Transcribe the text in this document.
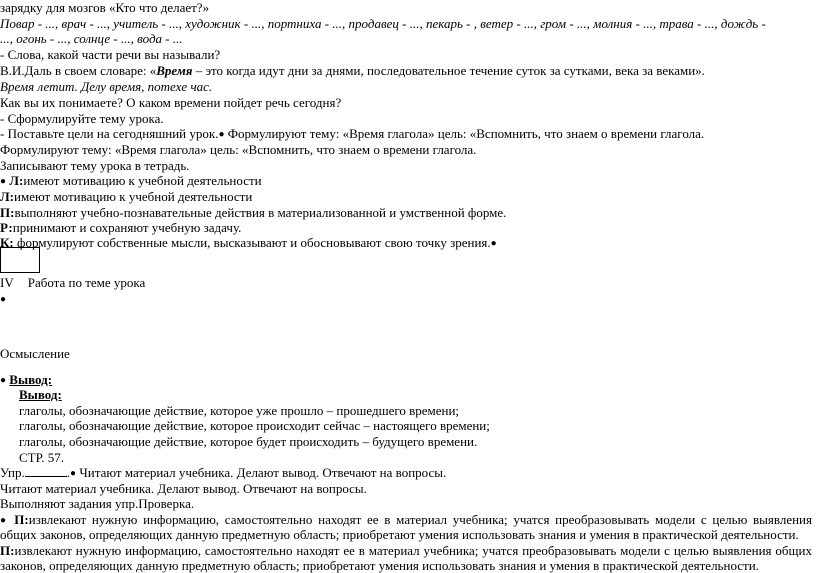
зарядку для мозгов «Кто что делает?»
Повар - ..., врач - ..., учитель - ..., художник - ..., портниха - ..., продавец - ..., пекарь - , ветер - ..., гром - ..., молния - ..., трава - ..., дождь -
..., огонь - ..., солнце - ..., вода - ...
- Слова, какой части речи вы называли?
В.И.Даль в своем словаре: «Время – это когда идут дни за днями, последовательное течение суток за сутками, века за веками».
Время летит. Делу время, потехе час.
Как вы их понимаете? О каком времени пойдет речь сегодня?
- Сформулируйте тему урока.
- Поставьте цели на сегодняшний урок.● Формулируют тему: «Время глагола» цель: «Вспомнить, что знаем о времени глагола.
Формулируют тему: «Время глагола» цель: «Вспомнить, что знаем о времени глагола.
Записывают тему урока в тетрадь.
● Л:имеют мотивацию к учебной деятельности
Л:имеют мотивацию к учебной деятельности
П:выполняют учебно-познавательные действия в материализованной и умственной форме.
Р:принимают и сохраняют учебную задачу.
К: формулируют собственные мысли, высказывают и обосновывают свою точку зрения.●
IV Работа по теме урока
●
Осмысление
● Вывод:
Вывод:
глаголы, обозначающие действие, которое уже прошло – прошедшего времени;
глаголы, обозначающие действие, которое происходит сейчас – настоящего времени;
глаголы, обозначающие действие, которое будет происходить – будущего времени.
СТР. 57.
Упр.	.● Читают материал учебника. Делают вывод. Отвечают на вопросы.
Читают материал учебника. Делают вывод. Отвечают на вопросы.
Выполняют задания упр.Проверка.
● П:извлекают нужную информацию, самостоятельно находят ее в материал учебника; учатся преобразовывать модели с целью выявления
общих законов, определяющих данную предметную область; приобретают умения использовать знания и умения в практической деятельности.
П:извлекают нужную информацию, самостоятельно находят ее в материал учебника; учатся преобразовывать модели с целью выявления общих
законов, определяющих данную предметную область; приобретают умения использовать знания и умения в практической деятельности.
